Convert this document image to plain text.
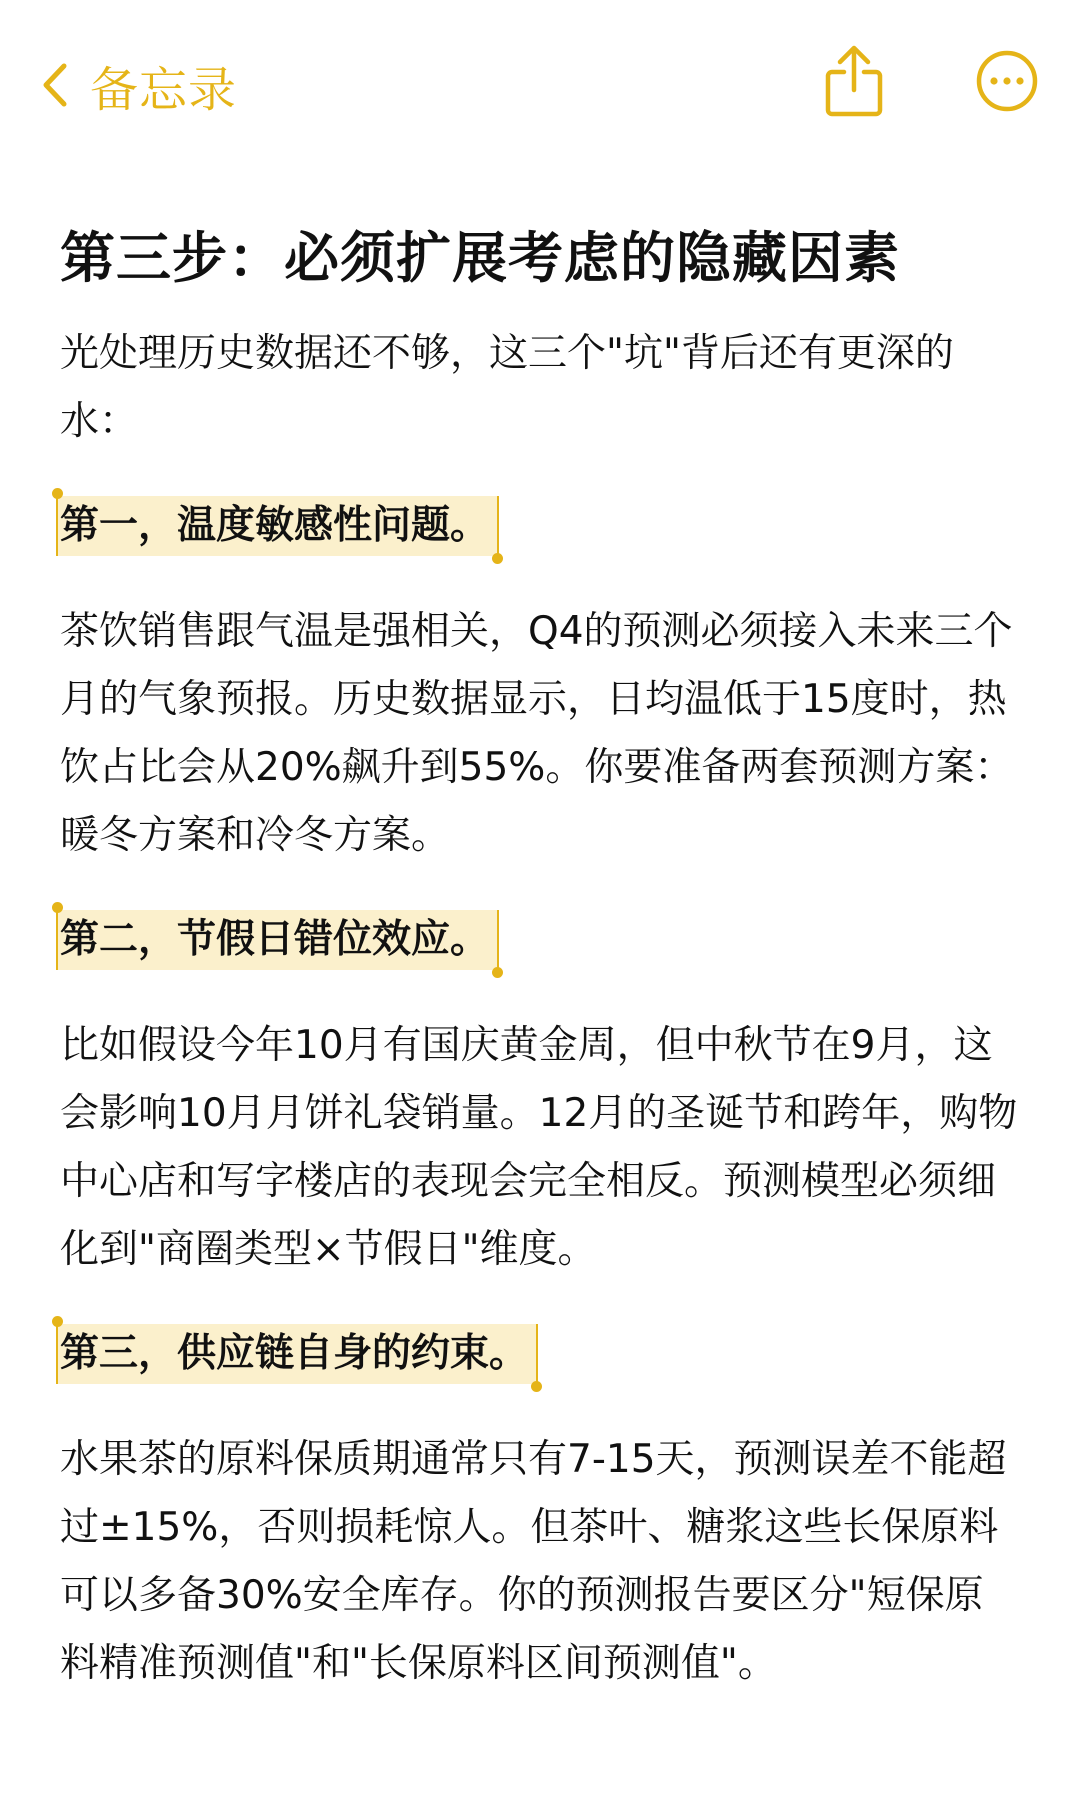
备忘录
第三步：必须扩展考虑的隐藏因素

光处理历史数据还不够，这三个"坑"背后还有更深的水：

第一，温度敏感性问题。

茶饮销售跟气温是强相关，Q4的预测必须接入未来三个月的气象预报。历史数据显示，日均温低于15度时，热饮占比会从20%飙升到55%。你要准备两套预测方案：暖冬方案和冷冬方案。

第二，节假日错位效应。

比如假设今年10月有国庆黄金周，但中秋节在9月，这会影响10月月饼礼袋销量。12月的圣诞节和跨年，购物中心店和写字楼店的表现会完全相反。预测模型必须细化到"商圈类型×节假日"维度。

第三，供应链自身的约束。

水果茶的原料保质期通常只有7-15天，预测误差不能超过±15%，否则损耗惊人。但茶叶、糖浆这些长保原料可以多备30%安全库存。你的预测报告要区分"短保原料精准预测值"和"长保原料区间预测值"。
